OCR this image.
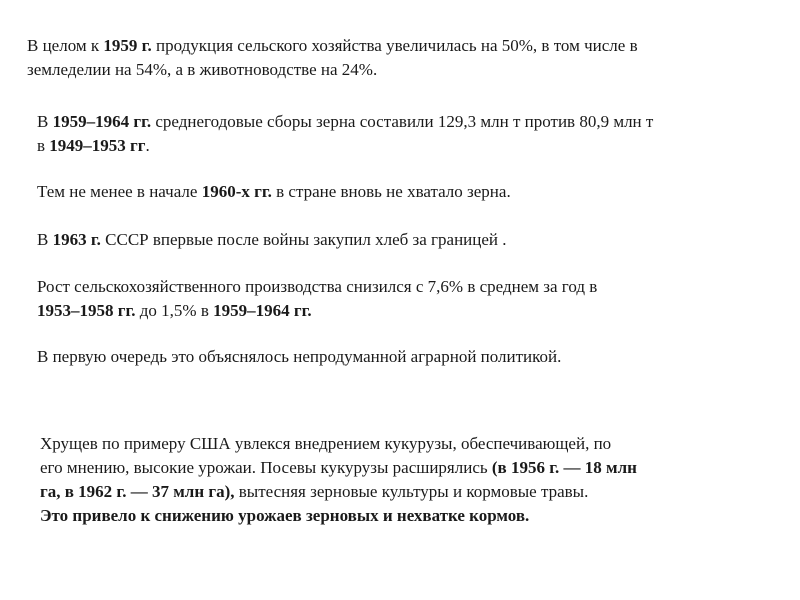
В целом к 1959 г. продукция сельского хозяйства увеличилась на 50%, в том числе в
земледелии на 54%, а в животноводстве на 24%.
В 1959–1964 гг. среднегодовые сборы зерна составили 129,3 млн т против 80,9 млн т
в 1949–1953 гг.
Тем не менее в начале 1960-х гг. в стране вновь не хватало зерна.
В 1963 г. СССР впервые после войны закупил хлеб за границей .
Рост сельскохозяйственного производства снизился с 7,6% в среднем за год в
1953–1958 гг. до 1,5% в 1959–1964 гг.
В первую очередь это объяснялось непродуманной аграрной политикой.
Хрущев по примеру США увлекся внедрением кукурузы, обеспечивающей, по
его мнению, высокие урожаи. Посевы кукурузы расширялись (в 1956 г. — 18 млн
га, в 1962 г. — 37 млн га), вытесняя зерновые культуры и кормовые травы.
Это привело к снижению урожаев зерновых и нехватке кормов.
